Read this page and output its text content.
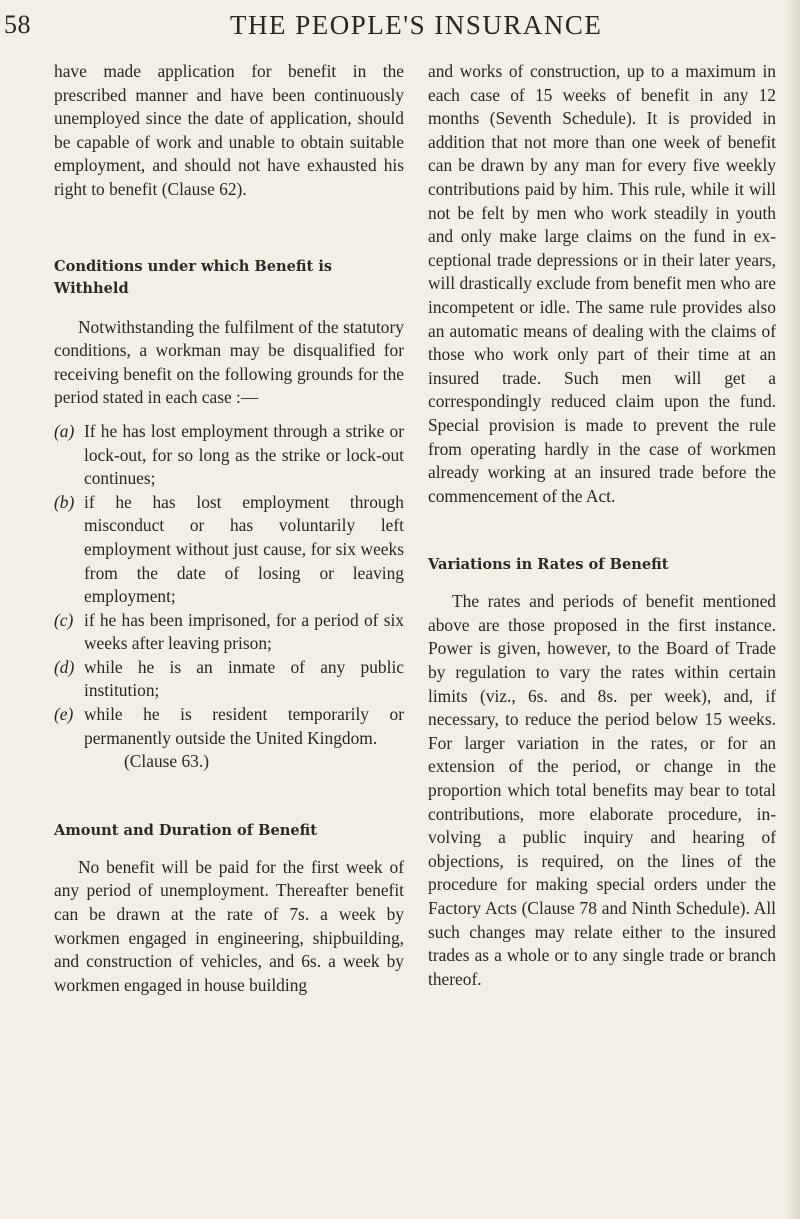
58	THE PEOPLE'S INSURANCE

have made application for benefit in the prescribed manner and have been continuously unemployed since the date of application, should be capable of work and unable to obtain suitable employment, and should not have exhausted his right to benefit (Clause 62).

Conditions under which Benefit is Withheld

Notwithstanding the fulfilment of the statutory conditions, a workman may be disqualified for receiving benefit on the following grounds for the period stated in each case :—

(a) If he has lost employment through a strike or lock-out, for so long as the strike or lock-out continues;
(b) if he has lost employment through misconduct or has voluntarily left employment without just cause, for six weeks from the date of losing or leaving employment;
(c) if he has been imprisoned, for a period of six weeks after leaving prison;
(d) while he is an inmate of any public institution;
(e) while he is resident temporarily or permanently outside the United Kingdom.

(Clause 63.)

Amount and Duration of Benefit

No benefit will be paid for the first week of any period of unemployment. Thereafter benefit can be drawn at the rate of 7s. a week by workmen engaged in engineering, shipbuilding, and construction of vehicles, and 6s. a week by workmen engaged in house building

and works of construction, up to a maximum in each case of 15 weeks of benefit in any 12 months (Seventh Schedule). It is provided in addition that not more than one week of benefit can be drawn by any man for every five weekly contributions paid by him. This rule, while it will not be felt by men who work steadily in youth and only make large claims on the fund in exceptional trade depressions or in their later years, will drastically exclude from benefit men who are incompetent or idle. The same rule provides also an automatic means of dealing with the claims of those who work only part of their time at an insured trade. Such men will get a correspondingly reduced claim upon the fund. Special provision is made to prevent the rule from operating hardly in the case of workmen already working at an insured trade before the commencement of the Act.

Variations in Rates of Benefit

The rates and periods of benefit mentioned above are those proposed in the first instance. Power is given, however, to the Board of Trade by regulation to vary the rates within certain limits (viz., 6s. and 8s. per week), and, if necessary, to reduce the period below 15 weeks. For larger variation in the rates, or for an extension of the period, or change in the proportion which total benefits may bear to total contributions, more elaborate procedure, involving a public inquiry and hearing of objections, is required, on the lines of the procedure for making special orders under the Factory Acts (Clause 78 and Ninth Schedule). All such changes may relate either to the insured trades as a whole or to any single trade or branch thereof.
